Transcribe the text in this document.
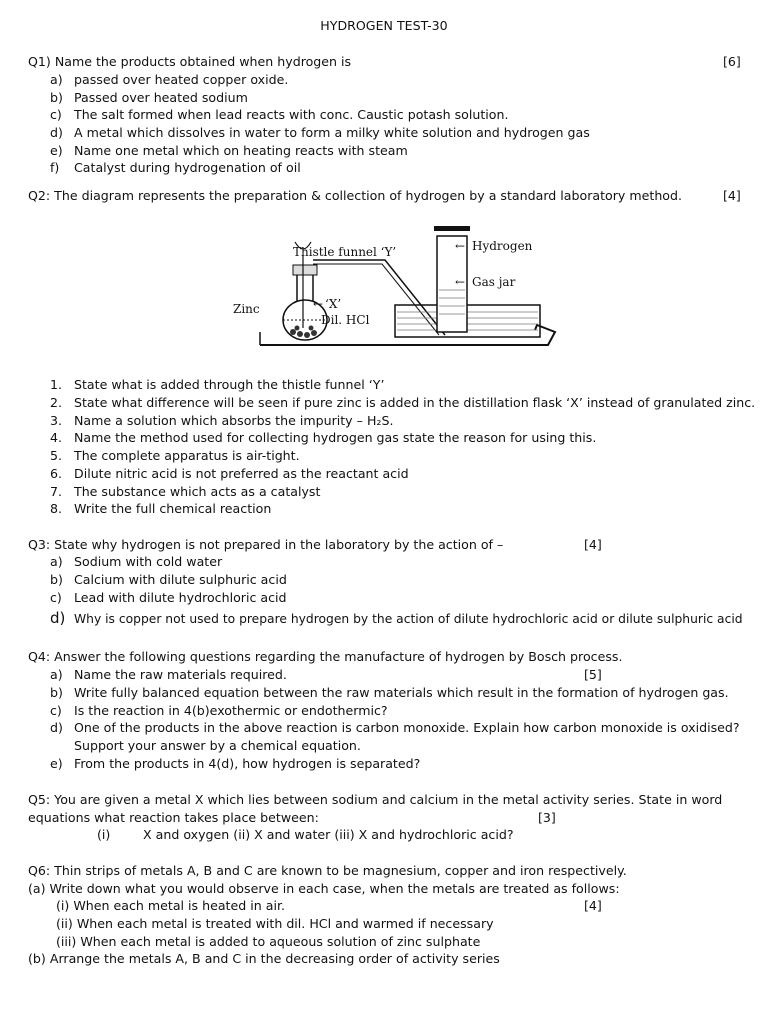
HYDROGEN TEST-30
Q1) Name the products obtained when hydrogen is	[6]
a) passed over heated copper oxide.
b) Passed over heated sodium
c) The salt formed when lead reacts with conc. Caustic potash solution.
d) A metal which dissolves in water to form a milky white solution and hydrogen gas
e) Name one metal which on heating reacts with steam
f) Catalyst during hydrogenation of oil
Q2: The diagram represents the preparation & collection of hydrogen by a standard laboratory method.	[4]
Thistle funnel ‘Y’	Hydrogen
Gas jar
‘X’
Dil. HCl
Zinc
←
←
←
1. State what is added through the thistle funnel ‘Y’
2. State what difference will be seen if pure zinc is added in the distillation flask ‘X’ instead of granulated zinc.
3. Name a solution which absorbs the impurity – H₂S.
4. Name the method used for collecting hydrogen gas state the reason for using this.
5. The complete apparatus is air-tight.
6. Dilute nitric acid is not preferred as the reactant acid
7. The substance which acts as a catalyst
8. Write the full chemical reaction
Q3: State why hydrogen is not prepared in the laboratory by the action of –	[4]
a) Sodium with cold water
b) Calcium with dilute sulphuric acid
c) Lead with dilute hydrochloric acid
d) Why is copper not used to prepare hydrogen by the action of dilute hydrochloric acid or dilute sulphuric acid
Q4: Answer the following questions regarding the manufacture of hydrogen by Bosch process.
[5]
a) Name the raw materials required.
b) Write fully balanced equation between the raw materials which result in the formation of hydrogen gas.
c) Is the reaction in 4(b)exothermic or endothermic?
d) One of the products in the above reaction is carbon monoxide. Explain how carbon monoxide is oxidised?
Support your answer by a chemical equation.
e) From the products in 4(d), how hydrogen is separated?
Q5: You are given a metal X which lies between sodium and calcium in the metal activity series. State in word
equations what reaction takes place between:	[3]
(i)	X and oxygen (ii) X and water (iii) X and hydrochloric acid?
Q6: Thin strips of metals A, B and C are known to be magnesium, copper and iron respectively.
(a) Write down what you would observe in each case, when the metals are treated as follows:
(i) When each metal is heated in air.	[4]
(ii) When each metal is treated with dil. HCl and warmed if necessary
(iii) When each metal is added to aqueous solution of zinc sulphate
(b) Arrange the metals A, B and C in the decreasing order of activity series
